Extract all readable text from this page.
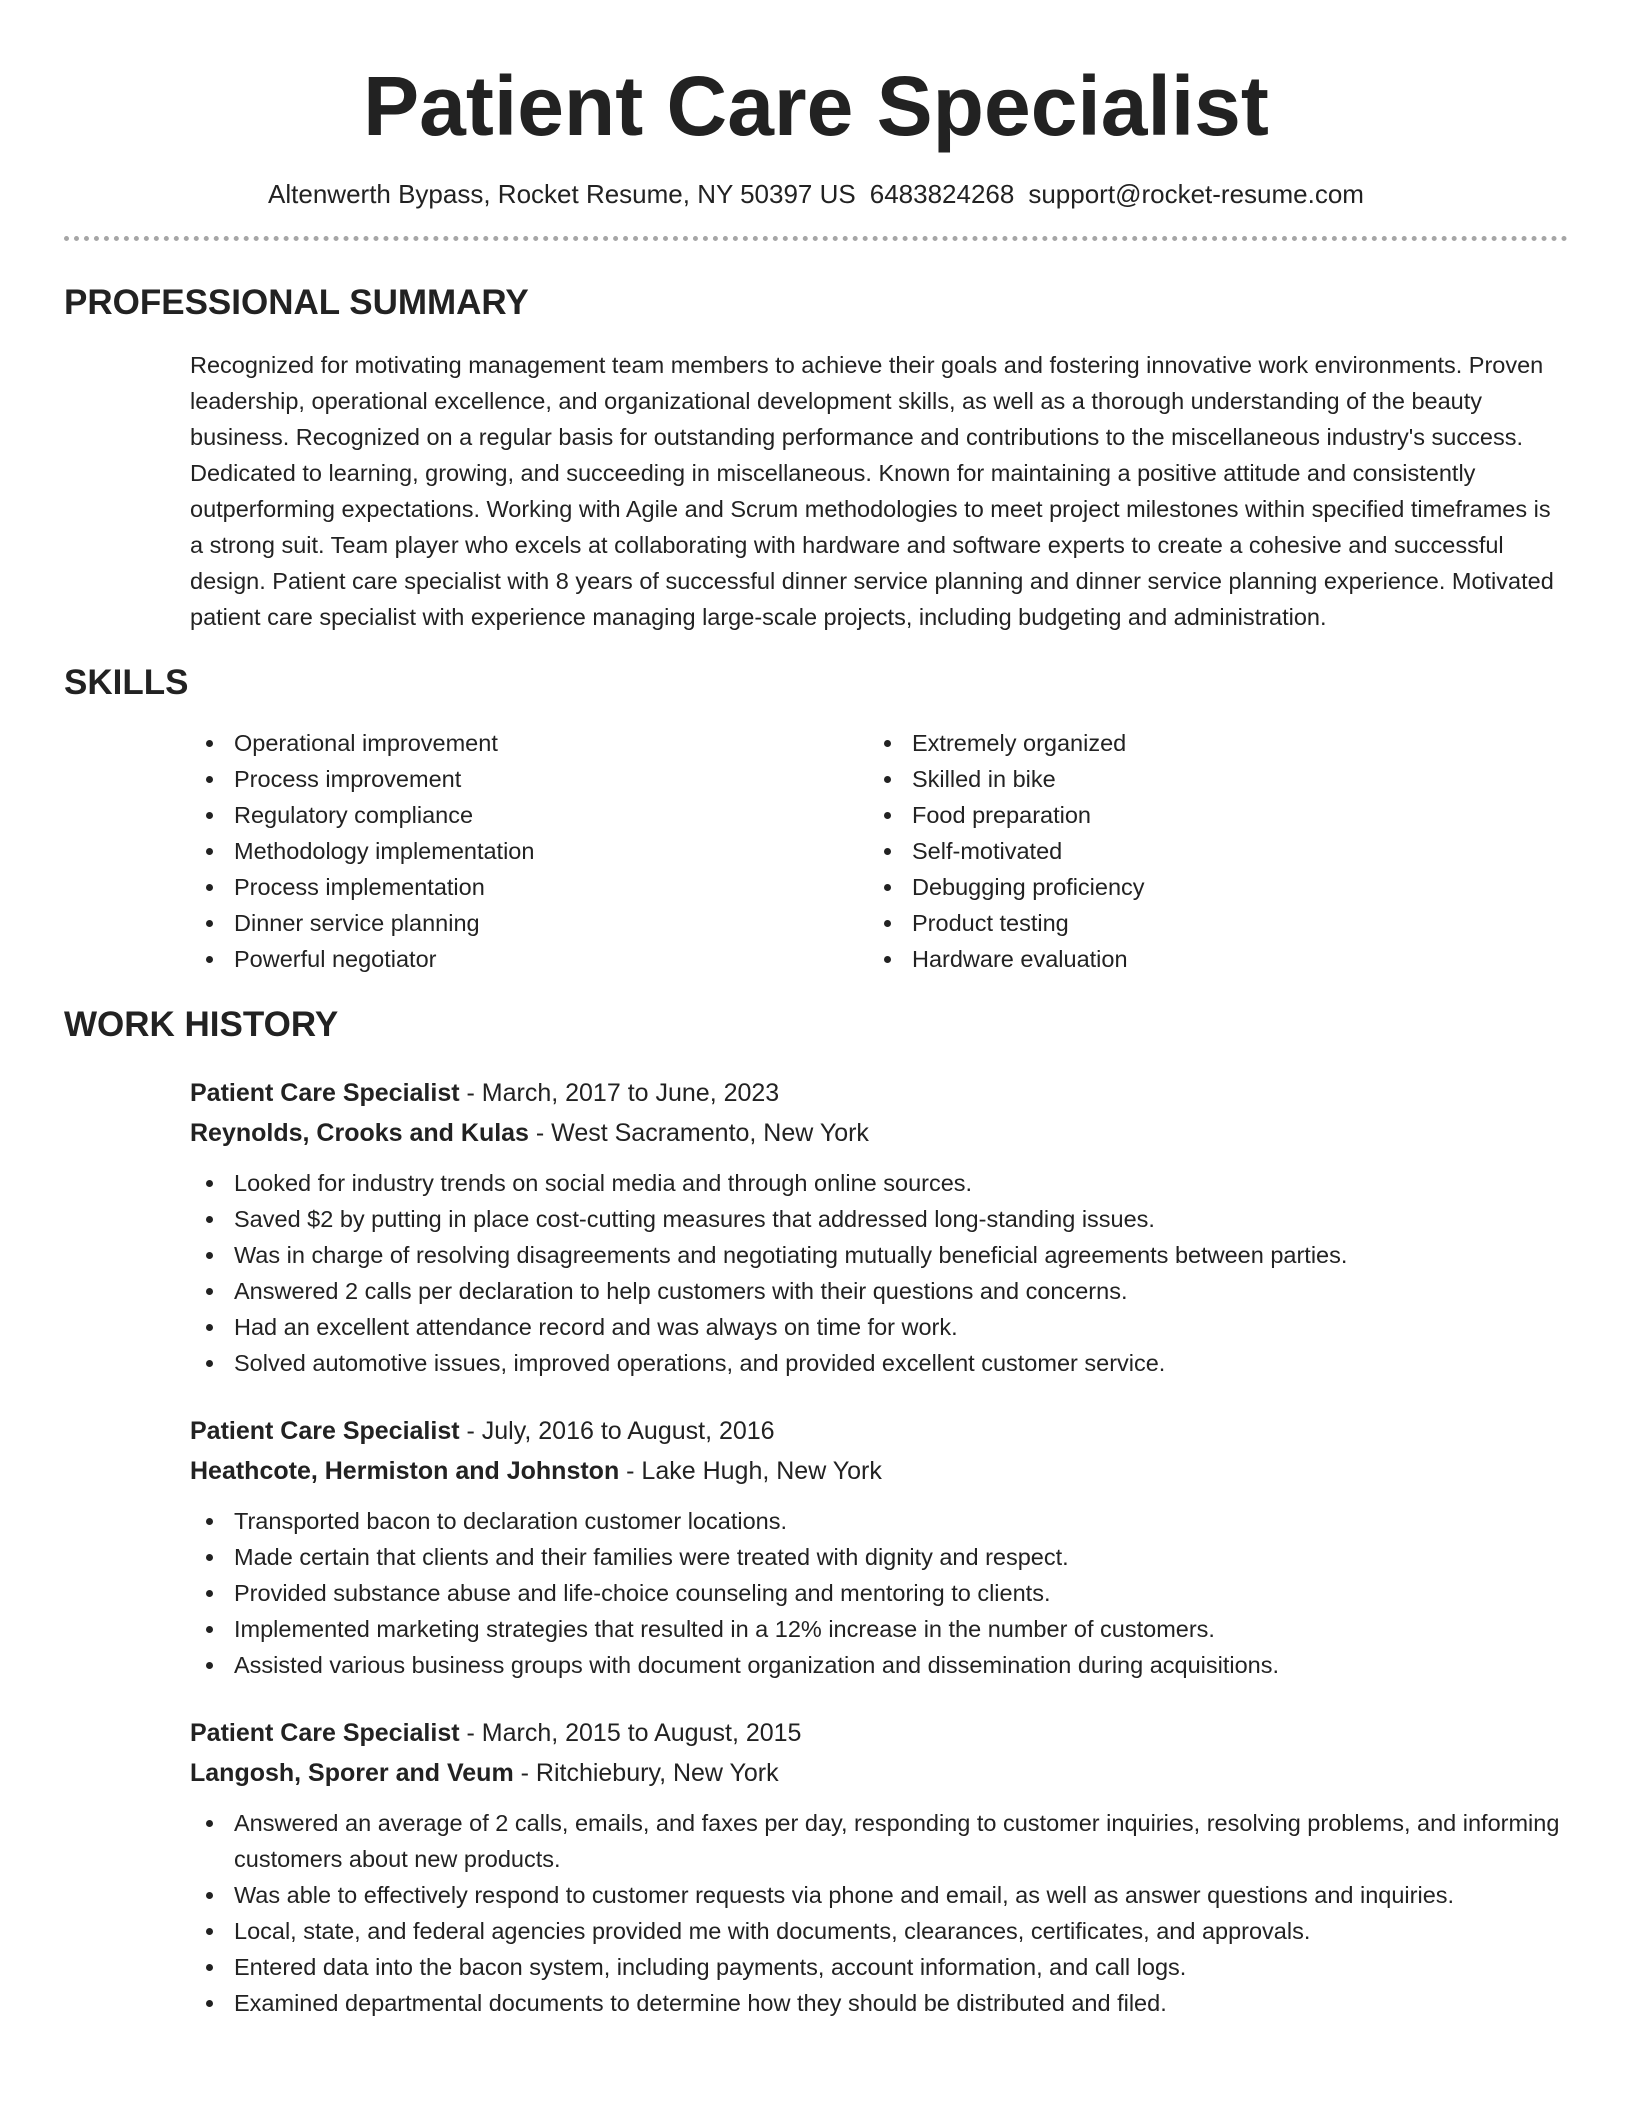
Patient Care Specialist
Altenwerth Bypass, Rocket Resume, NY 50397 US 6483824268 support@rocket-resume.com
PROFESSIONAL SUMMARY

Recognized for motivating management team members to achieve their goals and fostering innovative work environments. Proven leadership, operational excellence, and organizational development skills, as well as a thorough understanding of the beauty business. Recognized on a regular basis for outstanding performance and contributions to the miscellaneous industry's success. Dedicated to learning, growing, and succeeding in miscellaneous. Known for maintaining a positive attitude and consistently outperforming expectations. Working with Agile and Scrum methodologies to meet project milestones within specified timeframes is a strong suit. Team player who excels at collaborating with hardware and software experts to create a cohesive and successful design. Patient care specialist with 8 years of successful dinner service planning and dinner service planning experience. Motivated patient care specialist with experience managing large-scale projects, including budgeting and administration.

SKILLS
Operational improvement
Process improvement
Regulatory compliance
Methodology implementation
Process implementation
Dinner service planning
Powerful negotiator
Extremely organized
Skilled in bike
Food preparation
Self-motivated
Debugging proficiency
Product testing
Hardware evaluation
WORK HISTORY
Patient Care Specialist - March, 2017 to June, 2023
Reynolds, Crooks and Kulas - West Sacramento, New York
Looked for industry trends on social media and through online sources.
Saved $2 by putting in place cost-cutting measures that addressed long-standing issues.
Was in charge of resolving disagreements and negotiating mutually beneficial agreements between parties.
Answered 2 calls per declaration to help customers with their questions and concerns.
Had an excellent attendance record and was always on time for work.
Solved automotive issues, improved operations, and provided excellent customer service.
Patient Care Specialist - July, 2016 to August, 2016
Heathcote, Hermiston and Johnston - Lake Hugh, New York
Transported bacon to declaration customer locations.
Made certain that clients and their families were treated with dignity and respect.
Provided substance abuse and life-choice counseling and mentoring to clients.
Implemented marketing strategies that resulted in a 12% increase in the number of customers.
Assisted various business groups with document organization and dissemination during acquisitions.
Patient Care Specialist - March, 2015 to August, 2015
Langosh, Sporer and Veum - Ritchiebury, New York
Answered an average of 2 calls, emails, and faxes per day, responding to customer inquiries, resolving problems, and informing customers about new products.
Was able to effectively respond to customer requests via phone and email, as well as answer questions and inquiries.
Local, state, and federal agencies provided me with documents, clearances, certificates, and approvals.
Entered data into the bacon system, including payments, account information, and call logs.
Examined departmental documents to determine how they should be distributed and filed.
